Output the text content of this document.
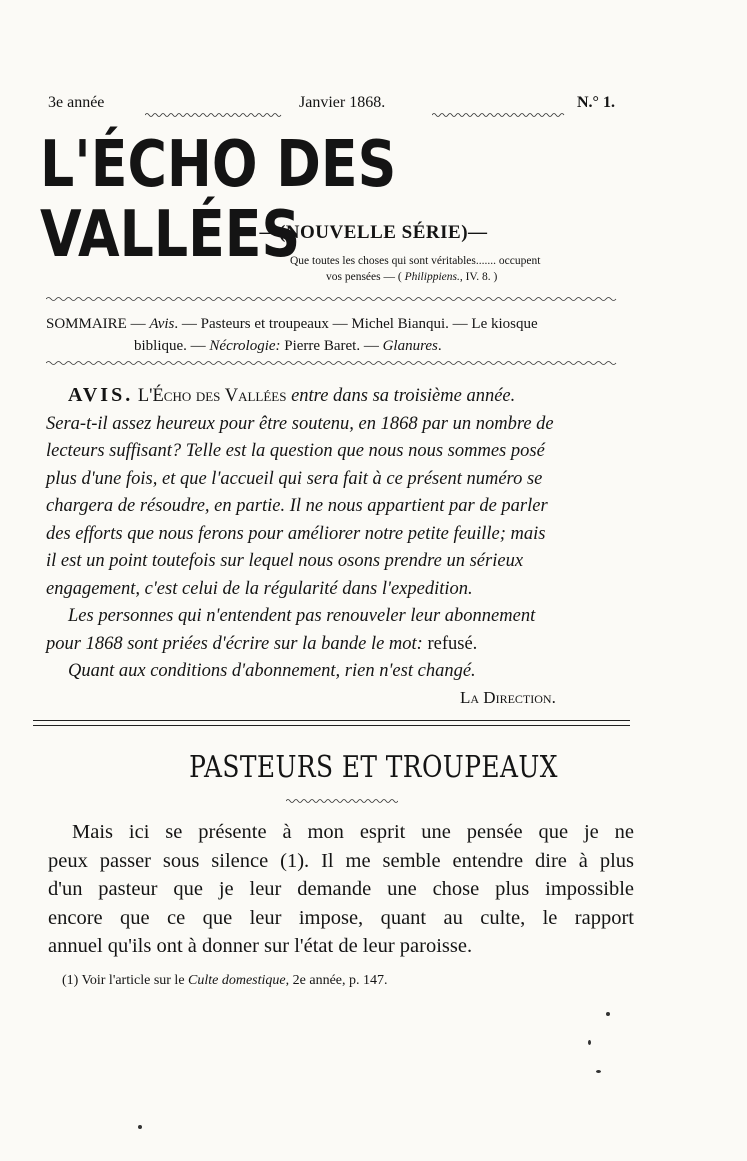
3e année	Janvier 1868.	N.° 1.
L'ÉCHO DES VALLÉES
—(NOUVELLE SÉRIE)—
Que toutes les choses qui sont véritables....... occupent
vos pensées — ( Philippiens., IV. 8. )
SOMMAIRE — Avis. — Pasteurs et troupeaux — Michel Bianqui. — Le kiosque
biblique. — Nécrologie: Pierre Baret. — Glanures.
AVIS. L'Écho des Vallées entre dans sa troisième année.
Sera-t-il assez heureux pour être soutenu, en 1868 par un nombre de
lecteurs suffisant? Telle est la question que nous nous sommes posé
plus d'une fois, et que l'accueil qui sera fait à ce présent numéro se
chargera de résoudre, en partie. Il ne nous appartient par de parler
des efforts que nous ferons pour améliorer notre petite feuille; mais
il est un point toutefois sur lequel nous osons prendre un sérieux
engagement, c'est celui de la régularité dans l'expedition.
Les personnes qui n'entendent pas renouveler leur abonnement
pour 1868 sont priées d'écrire sur la bande le mot: refusé.
Quant aux conditions d'abonnement, rien n'est changé.
La Direction.
PASTEURS ET TROUPEAUX
Mais ici se présente à mon esprit une pensée que je ne
peux passer sous silence (1). Il me semble entendre dire à plus
d'un pasteur que je leur demande une chose plus impossible
encore que ce que leur impose, quant au culte, le rapport
annuel qu'ils ont à donner sur l'état de leur paroisse.
(1) Voir l'article sur le Culte domestique, 2e année, p. 147.
